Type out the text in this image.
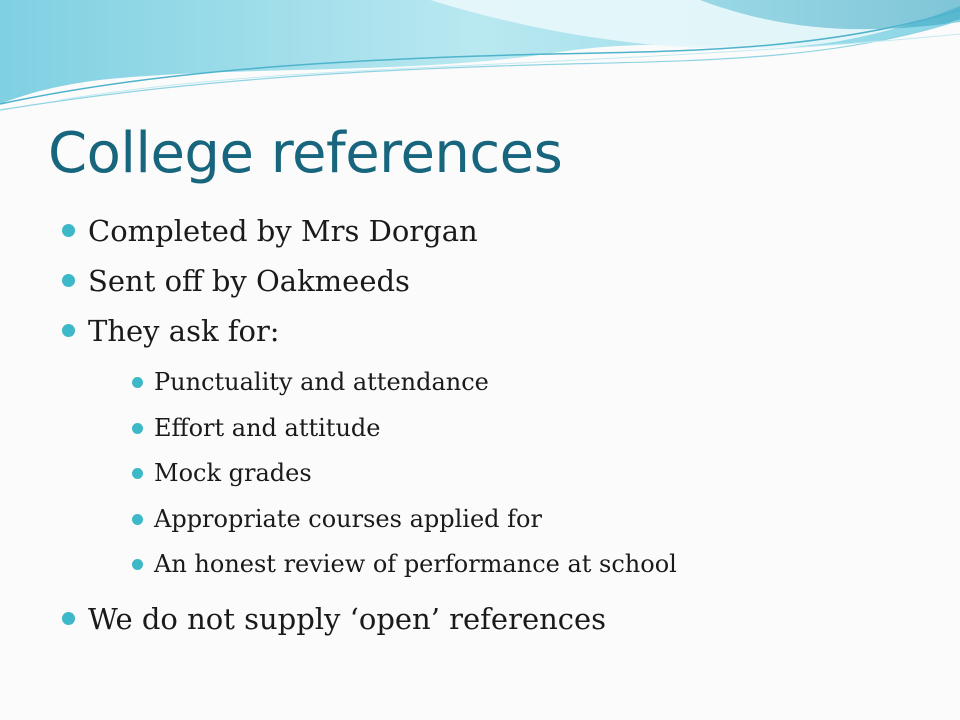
College references
Completed by Mrs Dorgan
Sent off by Oakmeeds
They ask for:
Punctuality and attendance
Effort and attitude
Mock grades
Appropriate courses applied for
An honest review of performance at school
We do not supply ‘open’ references
